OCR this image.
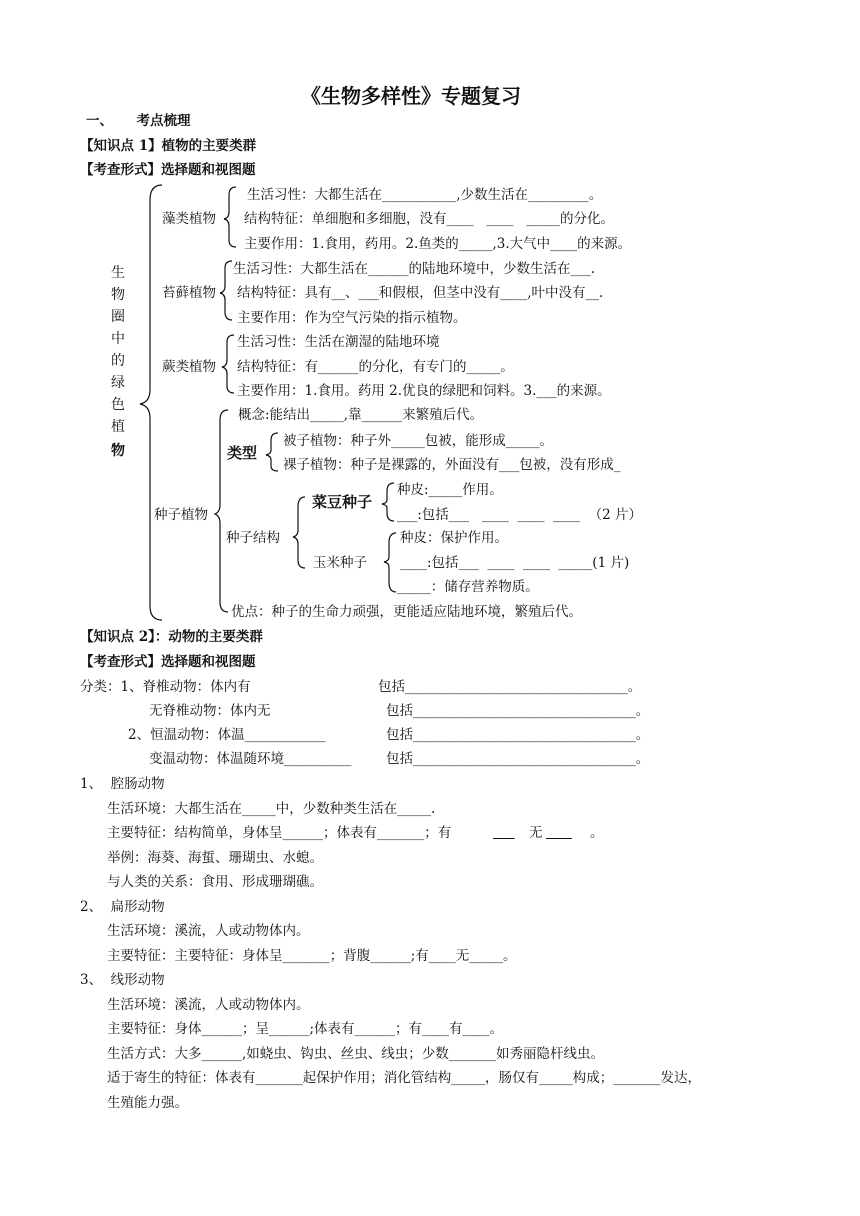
《生物多样性》专题复习
一、     考点梳理
【知识点 1】植物的主要类群
【考查形式】选择题和视图题
生
物
圈
中
的
绿
色
植
物
藻类植物
生活习性：大都生活在___________,少数生活在_________。
结构特征：单细胞和多细胞，没有____   ____   _____的分化。
主要作用：1.食用，药用。2.鱼类的_____,3.大气中____的来源。
苔藓植物
生活习性：大都生活在______的陆地环境中，少数生活在___.
结构特征：具有__、___和假根，但茎中没有____,叶中没有__.
主要作用：作为空气污染的指示植物。
蕨类植物
生活习性：生活在潮湿的陆地环境
结构特征：有______的分化，有专门的_____。
主要作用：1.食用。药用 2.优良的绿肥和饲料。3.___的来源。
种子植物
概念:能结出_____,靠______来繁殖后代。
类型
被子植物：种子外_____包被，能形成_____。
裸子植物：种子是裸露的，外面没有___包被，没有形成_
种子结构
菜豆种子
种皮:_____作用。
___:包括___   ____  ____  ____  （2 片）
玉米种子
种皮：保护作用。
____:包括___  ____  ____  _____(1 片)
_____：储存营养物质。
优点：种子的生命力顽强，更能适应陆地环境，繁殖后代。
【知识点 2】：动物的主要类群
【考查形式】选择题和视图题
分类：1、脊椎动物：体内有	包括_________________________________。
无脊椎动物：体内无	包括_________________________________。
2、恒温动物：体温____________	包括_________________________________。
变温动物：体温随环境__________	包括_________________________________。
1、  腔肠动物
生活环境：大都生活在_____中，少数种类生活在_____.
主要特征：结构简单，身体呈______；体表有_______；有
	无
	。
举例：海葵、海蜇、珊瑚虫、水螅。
与人类的关系：食用、形成珊瑚礁。
2、  扁形动物
生活环境：溪流，人或动物体内。
主要特征：主要特征：身体呈_______；背腹______;有____无_____。
3、  线形动物
生活环境：溪流，人或动物体内。
主要特征：身体______；呈______;体表有______；有____有____。
生活方式：大多______,如蛲虫、钩虫、丝虫、线虫；少数_______如秀丽隐杆线虫。
适于寄生的特征：体表有_______起保护作用；消化管结构_____，肠仅有_____构成；_______发达，
生殖能力强。
